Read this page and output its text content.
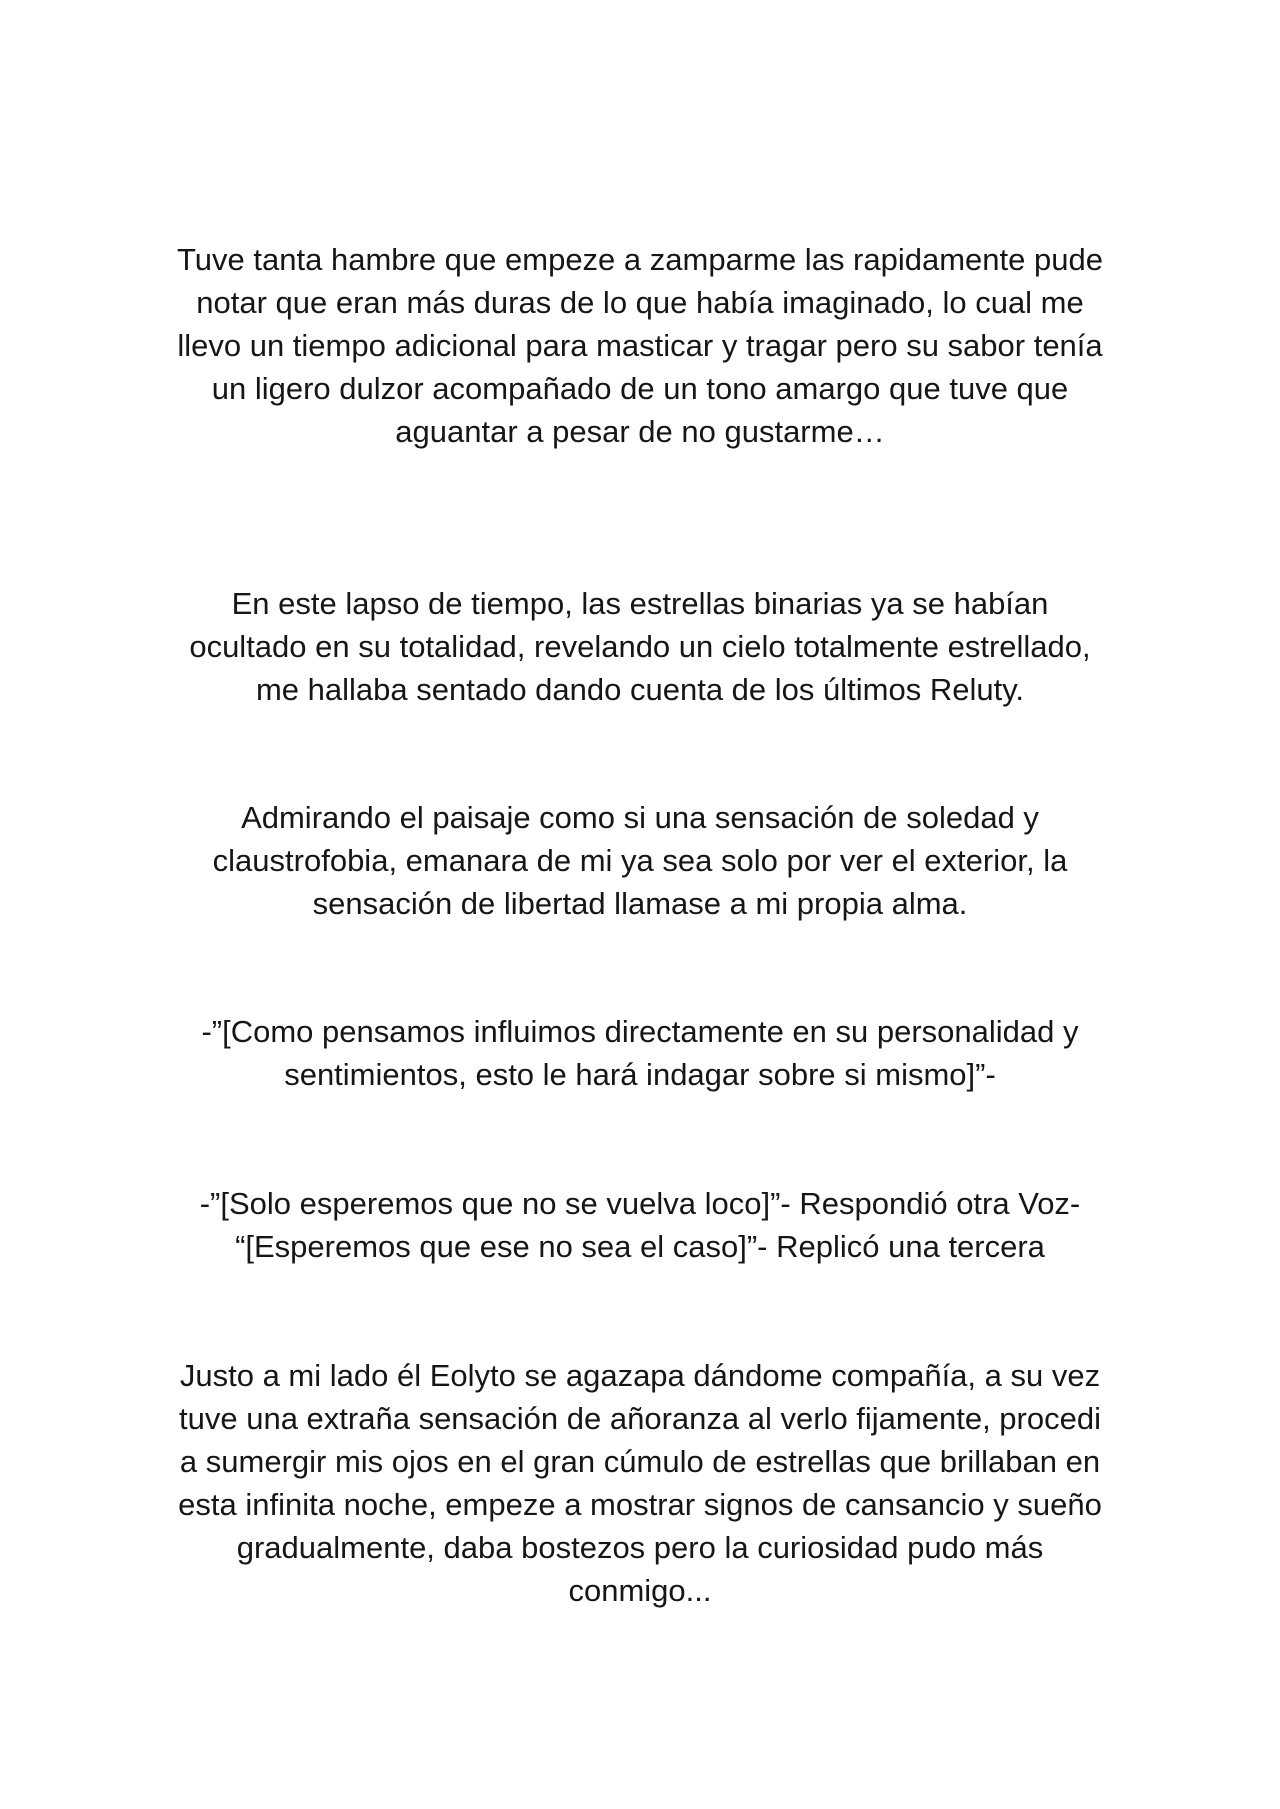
Tuve tanta hambre que empeze a zamparme las rapidamente pude
notar que eran más duras de lo que había imaginado, lo cual me
llevo un tiempo adicional para masticar y tragar pero su sabor tenía
un ligero dulzor acompañado de un tono amargo que tuve que
aguantar a pesar de no gustarme…

En este lapso de tiempo, las estrellas binarias ya se habían
ocultado en su totalidad, revelando un cielo totalmente estrellado,
me hallaba sentado dando cuenta de los últimos Reluty.

Admirando el paisaje como si una sensación de soledad y
claustrofobia, emanara de mi ya sea solo por ver el exterior, la
sensación de libertad llamase a mi propia alma.

-”[Como pensamos influimos directamente en su personalidad y
sentimientos, esto le hará indagar sobre si mismo]”-

-”[Solo esperemos que no se vuelva loco]”- Respondió otra Voz-
“[Esperemos que ese no sea el caso]”- Replicó una tercera

Justo a mi lado él Eolyto se agazapa dándome compañía, a su vez
tuve una extraña sensación de añoranza al verlo fijamente, procedi
a sumergir mis ojos en el gran cúmulo de estrellas que brillaban en
esta infinita noche, empeze a mostrar signos de cansancio y sueño
gradualmente, daba bostezos pero la curiosidad pudo más
conmigo...
